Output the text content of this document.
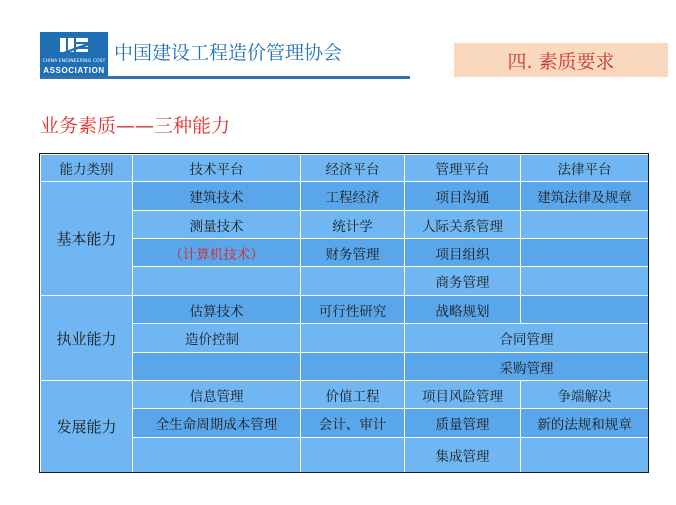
CHINA ENGINEERING COST
ASSOCIATION
中国建设工程造价管理协会	四. 素质要求
业务素质——三种能力
能力类别	技术平台	经济平台	管理平台	法律平台
基本能力	建筑技术	工程经济	项目沟通	建筑法律及规章
	测量技术	统计学	人际关系管理	
	（计算机技术）	财务管理	项目组织	
			商务管理	
执业能力	估算技术	可行性研究	战略规划	
	造价控制		合同管理	
			采购管理	
发展能力	信息管理	价值工程	项目风险管理	争端解决
	全生命周期成本管理	会计、审计	质量管理	新的法规和规章
			集成管理	
